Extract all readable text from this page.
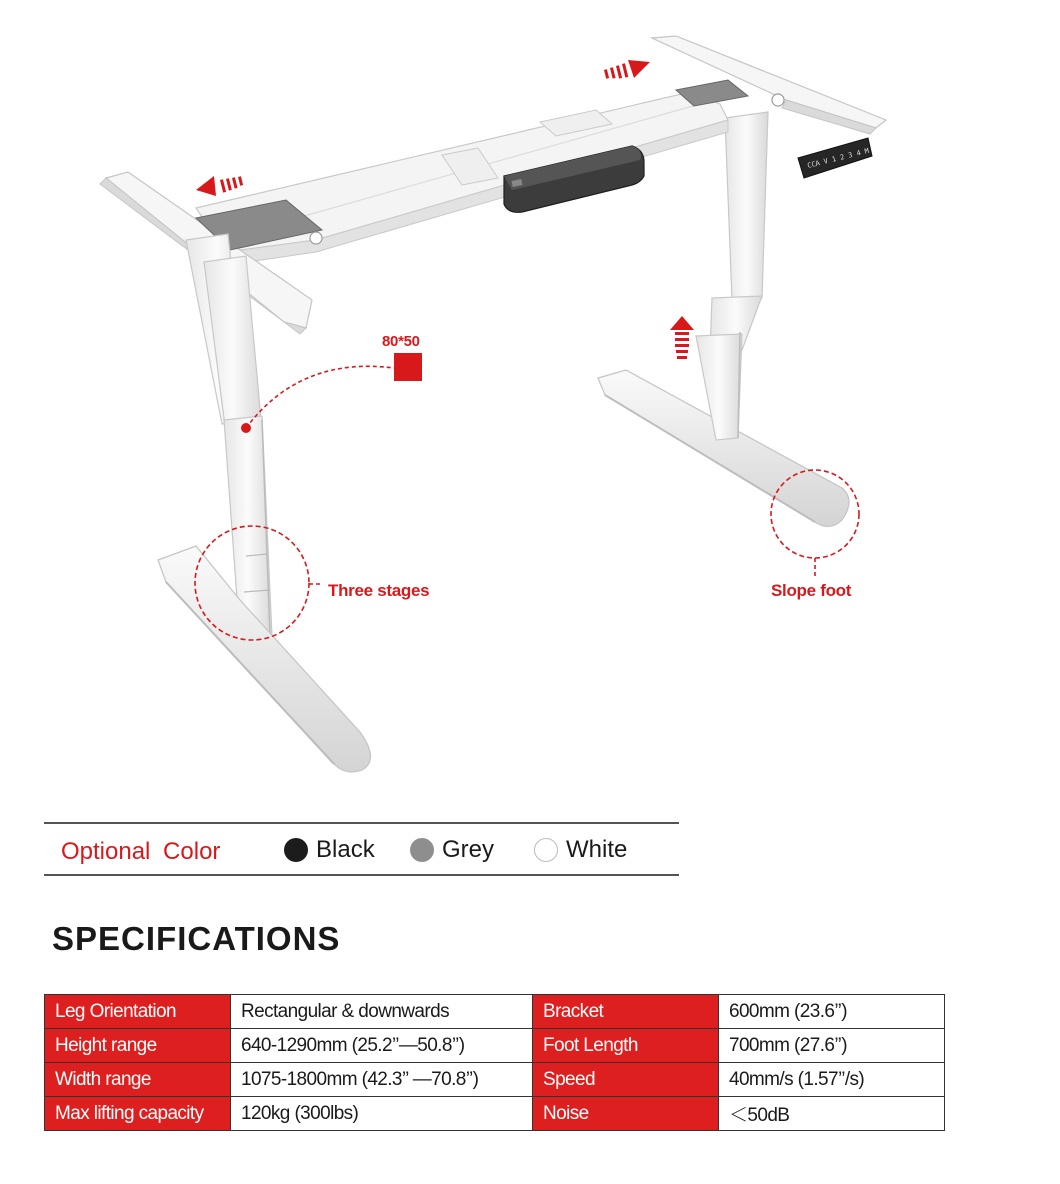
CCA V 1 2 3 4 M
80*50
Three stages	Slope foot
Optional Color	Black	Grey	White
SPECIFICATIONS
Leg Orientation	Rectangular & downwards	Bracket	600mm (23.6’’)
Height range	640-1290mm (25.2’’—50.8’’)	Foot Length	700mm (27.6’’)
Width range	1075-1800mm (42.3’’ —70.8’’)	Speed	40mm/s (1.57’’/s)
Max lifting capacity	120kg (300lbs)	Noise	＜50dB
